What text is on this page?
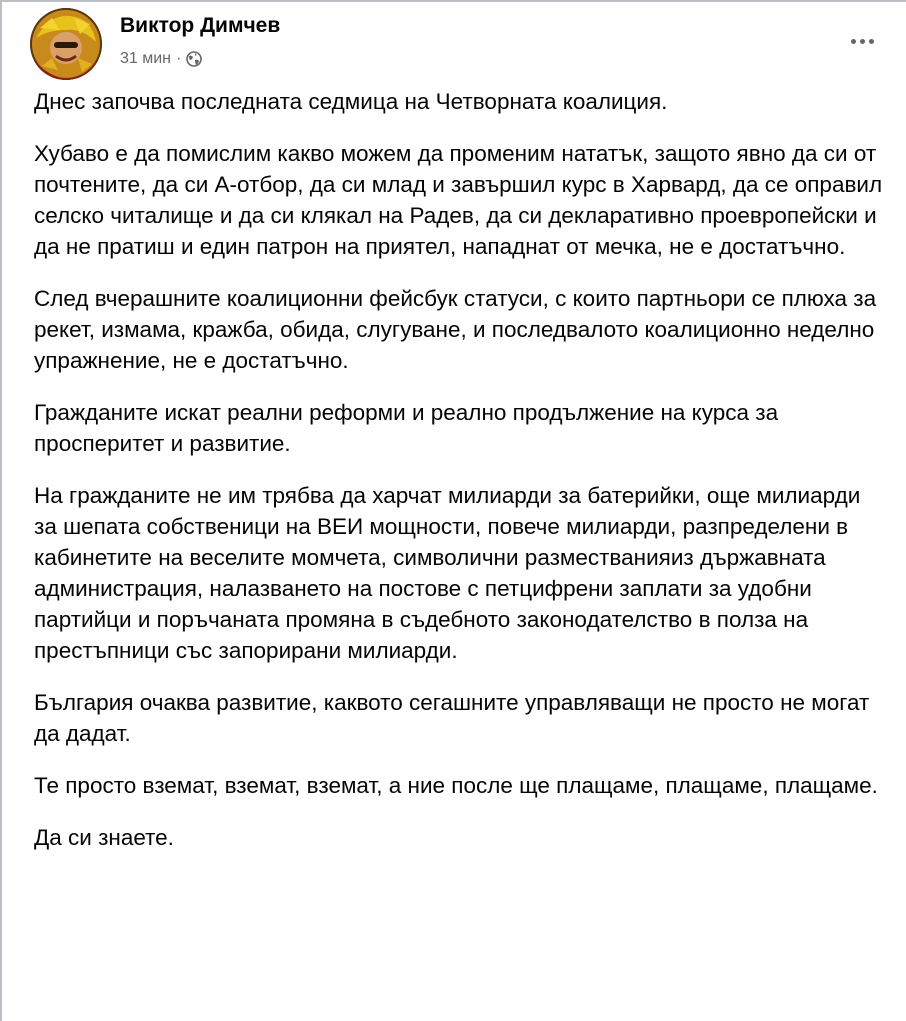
Виктор Димчев
31 мин ·

Днес започва последната седмица на Четворната коалиция.

Хубаво е да помислим какво можем да променим нататък, защото явно да си от почтените, да си А-отбор, да си млад и завършил курс в Харвард, да се оправил селско читалище и да си клякал на Радев, да си декларативно проевропейски и да не пратиш и един патрон на приятел, нападнат от мечка, не е достатъчно.

След вчерашните коалиционни фейсбук статуси, с които партньори се плюха за рекет, измама, кражба, обида, слугуване, и последвалото коалиционно неделно упражнение, не е достатъчно.

Гражданите искат реални реформи и реално продължение на курса за просперитет и развитие.

На гражданите не им трябва да харчат милиарди за батерийки, още милиарди за шепата собственици на ВЕИ мощности, повече милиарди, разпределени в кабинетите на веселите момчета, символични разместванияиз държавната администрация, налазването на постове с петцифрени заплати за удобни партийци и поръчаната промяна в съдебното законодателство в полза на престъпници със запорирани милиарди.

България очаква развитие, каквото сегашните управляващи не просто не могат да дадат.

Те просто вземат, вземат, вземат, а ние после ще плащаме, плащаме, плащаме.

Да си знаете.
